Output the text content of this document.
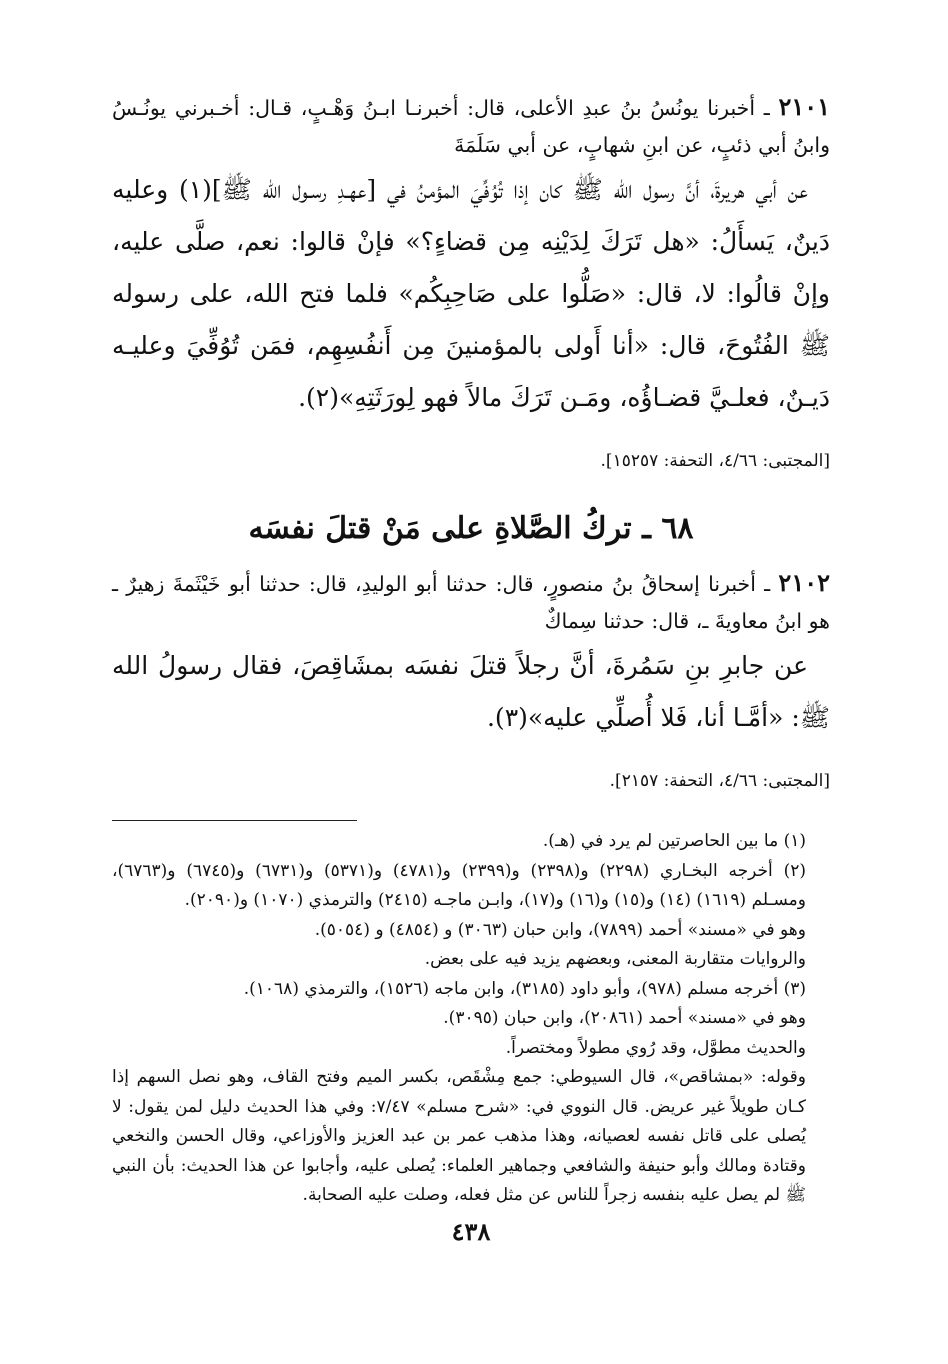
٢١٠١ ـ أخبرنا يونُسُ بنُ عبدِ الأعلى، قال: أخبرنـا ابـنُ وَهْـبٍ، قـال: أخـبرني يونُـسُ وابنُ أبي ذئبٍ، عن ابنِ شهابٍ، عن أبي سَلَمَةَ

عن أبي هريرةَ، أنَّ رسول الله ﷺ كان إذا تُوُفِّيَ المؤمنُ في [عهـدِ رسـول الله ﷺ](١) وعليه دَينٌ، يَسأَلُ: «هل تَرَكَ لِدَيْنِه مِن قضاءٍ؟» فإنْ قالوا: نعم، صلَّى عليه، وإنْ قالُوا: لا، قال: «صَلُّوا على صَاحِبِكُم» فلما فتح الله، على رسوله ﷺ الفُتُوحَ، قال: «أنا أَولى بالمؤمنينَ مِن أَنفُسِهِم، فمَن تُوُفِّيَ وعليـه دَيـنٌ، فعلـيَّ قضـاؤُه، ومَـن تَرَكَ مالاً فهو لِورَثَتِهِ»(٢).

[المجتبى: ٤/٦٦، التحفة: ١٥٢٥٧].

٦٨ ـ تركُ الصَّلاةِ على مَنْ قتلَ نفسَه

٢١٠٢ ـ أخبرنا إسحاقُ بنُ منصورٍ، قال: حدثنا أبو الوليدِ، قال: حدثنا أبو خَيْثَمةَ زهيرٌ ـ هو ابنُ معاويةَ ـ، قال: حدثنا سِماكٌ

عن جابرِ بنِ سَمُرةَ، أنَّ رجلاً قتلَ نفسَه بمشَاقِصَ، فقال رسولُ الله ﷺ: «أمَّـا أنا، فَلا أُصلِّي عليه»(٣).

[المجتبى: ٤/٦٦، التحفة: ٢١٥٧].

(١) ما بين الحاصرتين لم يرد في (هـ).

(٢) أخرجه البخـاري (٢٢٩٨) و(٢٣٩٨) و(٢٣٩٩) و(٤٧٨١) و(٥٣٧١) و(٦٧٣١) و(٦٧٤٥) و(٦٧٦٣)، ومسـلم (١٦١٩) (١٤) و(١٥) و(١٦) و(١٧)، وابـن ماجـه (٢٤١٥) والترمذي (١٠٧٠) و(٢٠٩٠).

وهو في «مسند» أحمد (٧٨٩٩)، وابن حبان (٣٠٦٣) و (٤٨٥٤) و (٥٠٥٤).

والروايات متقاربة المعنى، وبعضهم يزيد فيه على بعض.

(٣) أخرجه مسلم (٩٧٨)، وأبو داود (٣١٨٥)، وابن ماجه (١٥٢٦)، والترمذي (١٠٦٨).

وهو في «مسند» أحمد (٢٠٨٦١)، وابن حبان (٣٠٩٥).

والحديث مطوَّل، وقد رُوي مطولاً ومختصراً.

وقوله: «بمشاقص»، قال السيوطي: جمع مِشْقَص، بكسر الميم وفتح القاف، وهو نصل السهم إذا كـان طويلاً غير عريض. قال النووي في: «شرح مسلم» ٧/٤٧: وفي هذا الحديث دليل لمن يقول: لا يُصلى على قاتل نفسه لعصيانه، وهذا مذهب عمر بن عبد العزيز والأوزاعي، وقال الحسن والنخعي وقتادة ومالك وأبو حنيفة والشافعي وجماهير العلماء: يُصلى عليه، وأجابوا عن هذا الحديث: بأن النبي ﷺ لم يصل عليه بنفسه زجراً للناس عن مثل فعله، وصلت عليه الصحابة.

٤٣٨
